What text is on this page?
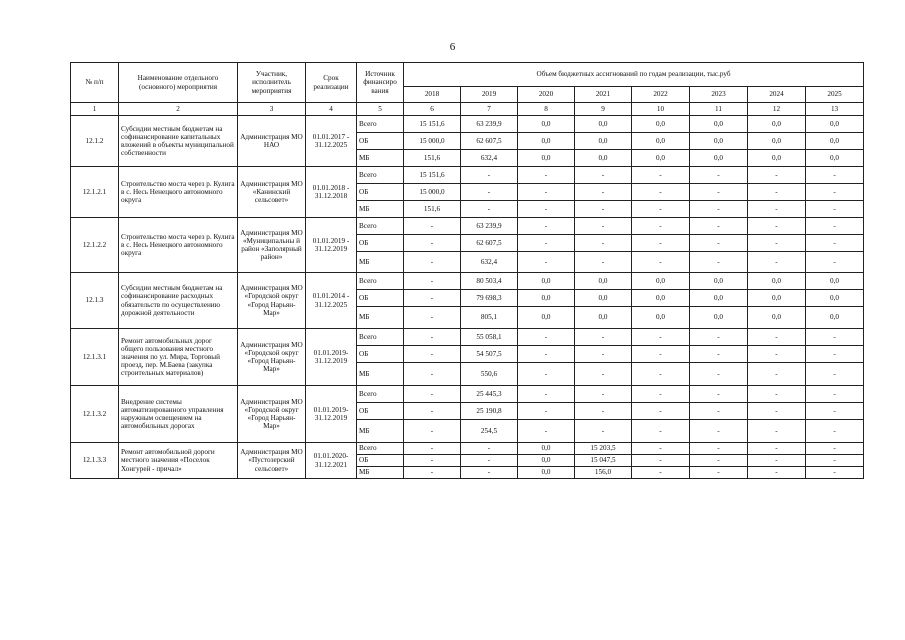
6
№ п/п	Наименование отдельного (основного) мероприятия	Участник, исполнитель мероприятия	Срок реализации	Источник финансиро вания	Объем бюджетных ассигнований по годам реализации, тыс.руб							
					2018	2019	2020	2021	2022	2023	2024	2025
1	2	3	4	5	6	7	8	9	10	11	12	13
12.1.2	Субсидии местным бюджетам на софинансирование капитальных вложений в объекты муниципальной собственности	Администрация МО НАО	01.01.2017 - 31.12.2025	Всего	15 151,6	63 239,9	0,0	0,0	0,0	0,0	0,0	0,0
				ОБ	15 000,0	62 607,5	0,0	0,0	0,0	0,0	0,0	0,0
				МБ	151,6	632,4	0,0	0,0	0,0	0,0	0,0	0,0
12.1.2.1	Строительство моста через р. Кулига в с. Несь Ненецкого автономного округа	Администрация МО «Канинский сельсовет»	01.01.2018 - 31.12.2018	Всего	15 151,6	-	-	-	-	-	-	-
				ОБ	15 000,0	-	-	-	-	-	-	-
				МБ	151,6	-	-	-	-	-	-	-
12.1.2.2	Строительство моста через р. Кулига в с. Несь Ненецкого автономного округа	Администрация МО «Муниципальны й район «Заполярный район»	01.01.2019 - 31.12.2019	Всего	-	63 239,9	-	-	-	-	-	-
				ОБ	-	62 607,5	-	-	-	-	-	-
				МБ	-	632,4	-	-	-	-	-	-
12.1.3	Субсидии местным бюджетам на софинансирование расходных обязательств по осуществлению дорожной деятельности	Администрация МО «Городской округ «Город Нарьян-Мар»	01.01.2014 - 31.12.2025	Всего	-	80 503,4	0,0	0,0	0,0	0,0	0,0	0,0
				ОБ	-	79 698,3	0,0	0,0	0,0	0,0	0,0	0,0
				МБ	-	805,1	0,0	0,0	0,0	0,0	0,0	0,0
12.1.3.1	Ремонт автомобильных дорог общего пользования местного значения по ул. Мира, Торговый проезд, пер. М.Баева (закупка строительных материалов)	Администрация МО «Городской округ «Город Нарьян-Мар»	01.01.2019- 31.12.2019	Всего	-	55 058,1	-	-	-	-	-	-
				ОБ	-	54 507,5	-	-	-	-	-	-
				МБ	-	550,6	-	-	-	-	-	-
12.1.3.2	Внедрение системы автоматизированного управления наружным освещением на автомобильных дорогах	Администрация МО «Городской округ «Город Нарьян-Мар»	01.01.2019- 31.12.2019	Всего	-	25 445,3	-	-	-	-	-	-
				ОБ	-	25 190,8	-	-	-	-	-	-
				МБ	-	254,5	-	-	-	-	-	-
12.1.3.3	Ремонт автомобильной дороги местного значения «Поселок Хонгурей - причал»	Администрация МО «Пустозерский сельсовет»	01.01.2020- 31.12.2021	Всего	-	-	0,0	15 203,5	-	-	-	-
				ОБ	-	-	0,0	15 047,5	-	-	-	-
				МБ	-	-	0,0	156,0	-	-	-	-
